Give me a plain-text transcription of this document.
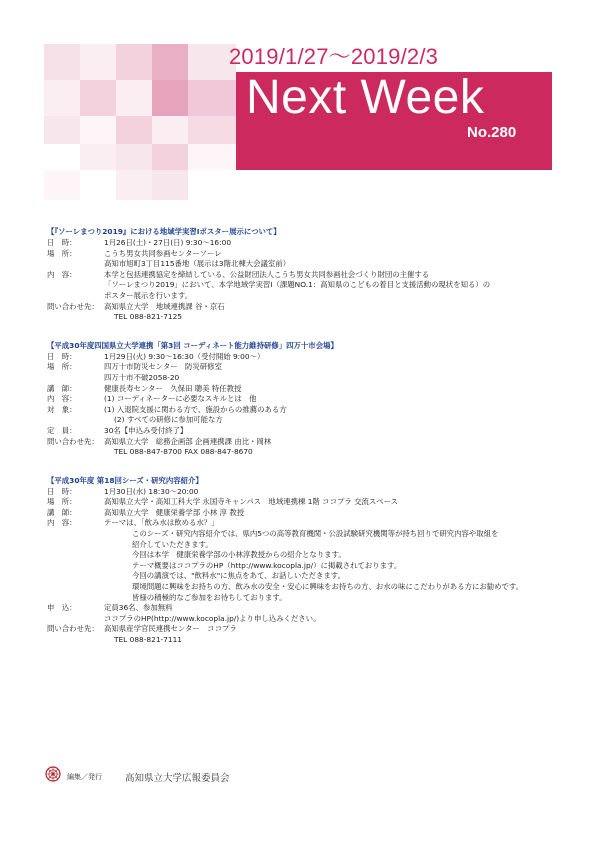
2019/1/27～2019/2/3
Next Week
No.280
【『ソーレまつり2019』における地域学実習Ⅰポスター展示について】
日　時：	1月26日(土)・27日(日) 9:30～16:00
場　所：	こうち男女共同参画センターソーレ
高知市旭町3丁目115番地（展示は3階北棟大会議室前）
内　容：	本学と包括連携協定を締結している、公益財団法人こうち男女共同参画社会づくり財団の主催する
「ソーレまつり2019」において、本学地域学実習Ⅰ（課題NO.1：高知県のこどもの着目と支援活動の現状を知る）の
ポスター展示を行います。
問い合わせ先： 高知県立大学　地域連携課 谷・京石
TEL 088-821-7125
【平成30年度四国県立大学連携「第3回 コーディネート能力維持研修」四万十市会場】
日　時：	1月29日(火) 9:30～16:30（受付開始 9:00～）
場　所：	四万十市防災センター　防災研修室
四万十市不破2058-20
講　師：	健康長寿センター　久保田 聰美 特任教授
内　容：	(1) コーディネーターに必要なスキルとは　他
対　象：	(1) 入退院支援に関わる方で、施設からの推薦のある方
(2) すべての研修に参加可能な方
定　員：	30名【申込み受付終了】
問い合わせ先： 高知県立大学　総務企画部 企画連携課 由比・岡林
TEL 088-847-8700 FAX 088-847-8670
【平成30年度 第18回シーズ・研究内容紹介】
日　時：	1月30日(水) 18:30～20:00
場　所：	高知県立大学・高知工科大学 永国寺キャンパス　地域連携棟 1階 ココプラ 交流スペース
講　師：	高知県立大学　健康栄養学部 小林 淳 教授
内　容：	テーマは、「飲み水は飲める水？」
このシーズ・研究内容紹介では、県内5つの高等教育機関・公設試験研究機関等が持ち回りで研究内容や取組を
紹介していただきます。
今回は本学　健康栄養学部の小林淳教授からの紹介となります。
テーマ概要はココプラのHP（http://www.kocopla.jp/）に掲載されております。
今回の講演では、"飲料水"に焦点をあて、お話しいただきます。
環境問題に興味をお持ちの方、飲み水の安全・安心に興味をお持ちの方、お水の味にこだわりがある方にお勧めです。
皆様の積極的なご参加をお待ちしております。
申　込：	定員36名、参加無料
ココプラのHP(http://www.kocopla.jp/)より申し込みください。
問い合わせ先： 高知県産学官民連携センター　ココプラ
TEL 088-821-7111
編集／発行 高知県立大学広報委員会
